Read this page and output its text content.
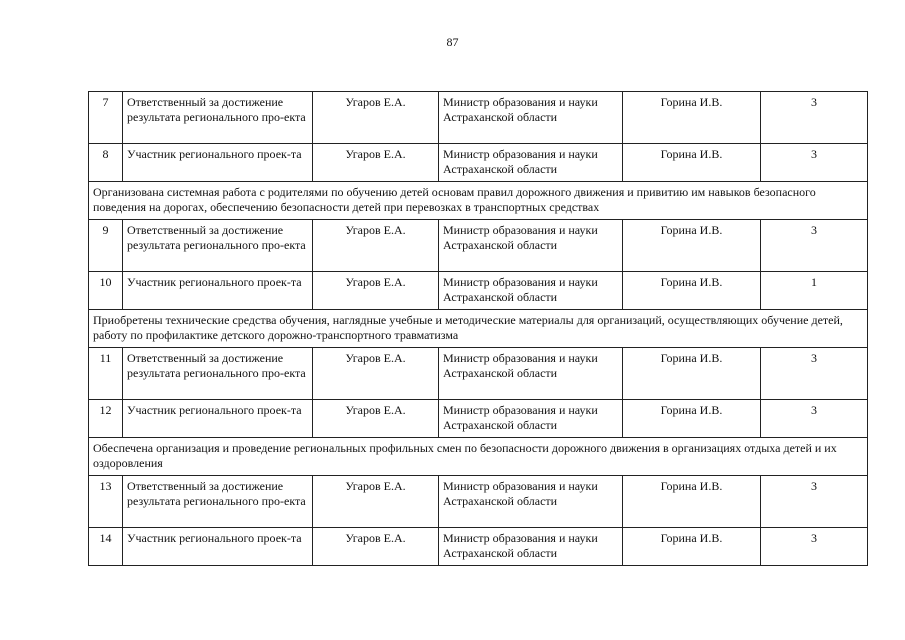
87
7	Ответственный за достижение результата регионального про-екта	Угаров Е.А.	Министр образования и науки Астраханской области	Горина И.В.	3
8	Участник регионального проек-та	Угаров Е.А.	Министр образования и науки Астраханской области	Горина И.В.	3
Организована системная работа с родителями по обучению детей основам правил дорожного движения и привитию им навыков безопасного поведения на дорогах, обеспечению безопасности детей при перевозках в транспортных средствах					
9	Ответственный за достижение результата регионального про-екта	Угаров Е.А.	Министр образования и науки Астраханской области	Горина И.В.	3
10	Участник регионального проек-та	Угаров Е.А.	Министр образования и науки Астраханской области	Горина И.В.	1
Приобретены технические средства обучения, наглядные учебные и методические материалы для организаций, осуществляющих обучение детей, работу по профилактике детского дорожно-транспортного травматизма					
11	Ответственный за достижение результата регионального про-екта	Угаров Е.А.	Министр образования и науки Астраханской области	Горина И.В.	3
12	Участник регионального проек-та	Угаров Е.А.	Министр образования и науки Астраханской области	Горина И.В.	3
Обеспечена организация и проведение региональных профильных смен по безопасности дорожного движения в организациях отдыха детей и их оздоровления					
13	Ответственный за достижение результата регионального про-екта	Угаров Е.А.	Министр образования и науки Астраханской области	Горина И.В.	3
14	Участник регионального проек-та	Угаров Е.А.	Министр образования и науки Астраханской области	Горина И.В.	3
